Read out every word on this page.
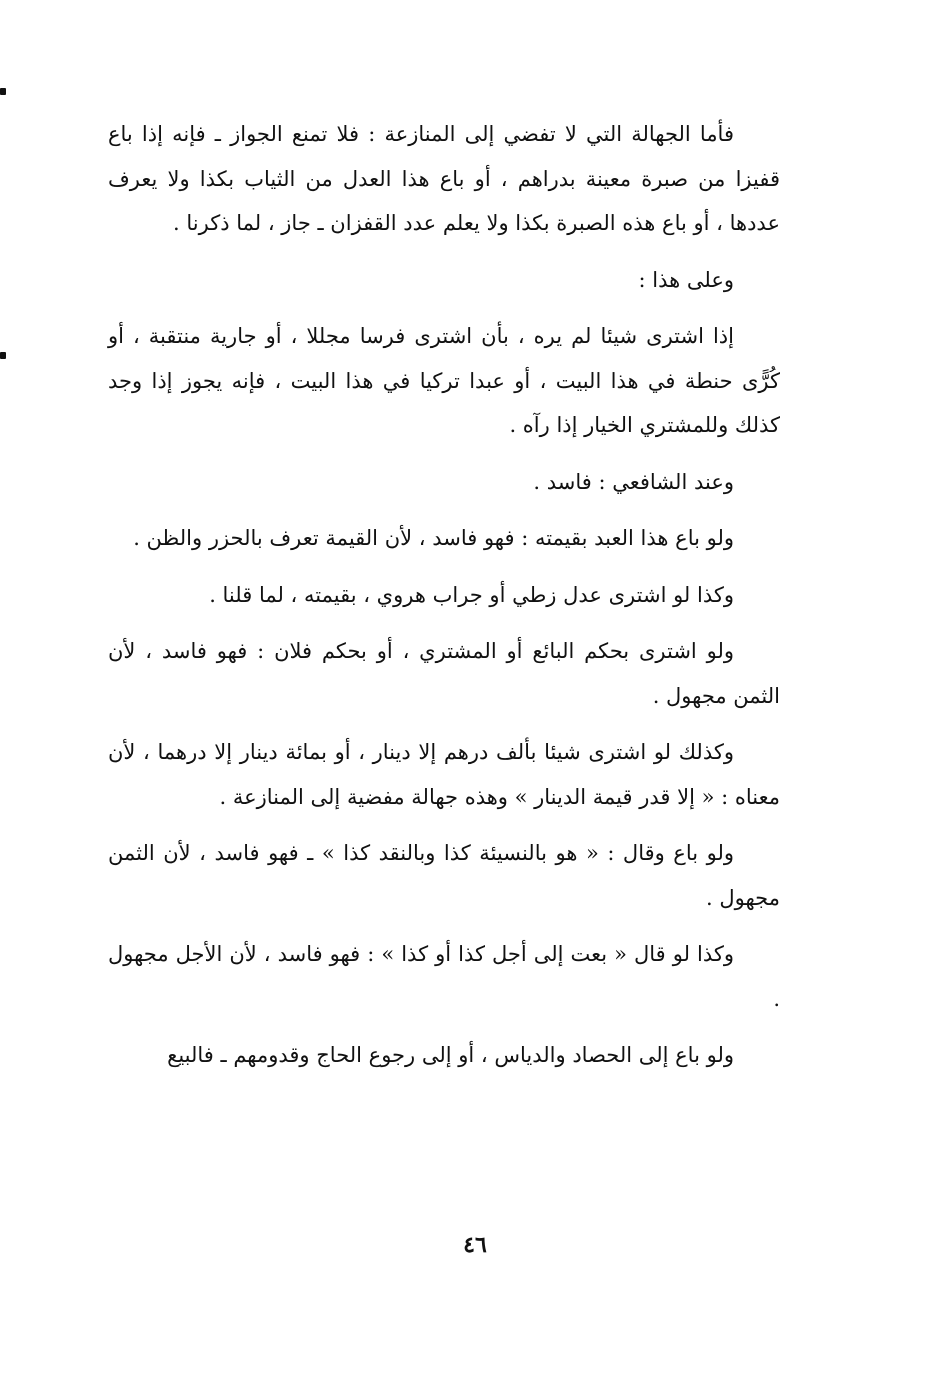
فأما الجهالة التي لا تفضي إلى المنازعة : فلا تمنع الجواز ـ فإنه إذا باع قفيزا من صبرة معينة بدراهم ، أو باع هذا العدل من الثياب بكذا ولا يعرف عددها ، أو باع هذه الصبرة بكذا ولا يعلم عدد القفزان ـ جاز ، لما ذكرنا .

وعلى هذا :

إذا اشترى شيئا لم يره ، بأن اشترى فرسا مجللا ، أو جارية منتقبة ، أو كُرًّى حنطة في هذا البيت ، أو عبدا تركيا في هذا البيت ، فإنه يجوز إذا وجد كذلك وللمشتري الخيار إذا رآه .

وعند الشافعي : فاسد .

ولو باع هذا العبد بقيمته : فهو فاسد ، لأن القيمة تعرف بالحزر والظن .

وكذا لو اشترى عدل زطي أو جراب هروي ، بقيمته ، لما قلنا .

ولو اشترى بحكم البائع أو المشتري ، أو بحكم فلان : فهو فاسد ، لأن الثمن مجهول .

وكذلك لو اشترى شيئا بألف درهم إلا دينار ، أو بمائة دينار إلا درهما ، لأن معناه : « إلا قدر قيمة الدينار » وهذه جهالة مفضية إلى المنازعة .

ولو باع وقال : « هو بالنسيئة كذا وبالنقد كذا » ـ فهو فاسد ، لأن الثمن مجهول .

وكذا لو قال « بعت إلى أجل كذا أو كذا » : فهو فاسد ، لأن الأجل مجهول .

ولو باع إلى الحصاد والدياس ، أو إلى رجوع الحاج وقدومهم ـ فالبيع

٤٦
